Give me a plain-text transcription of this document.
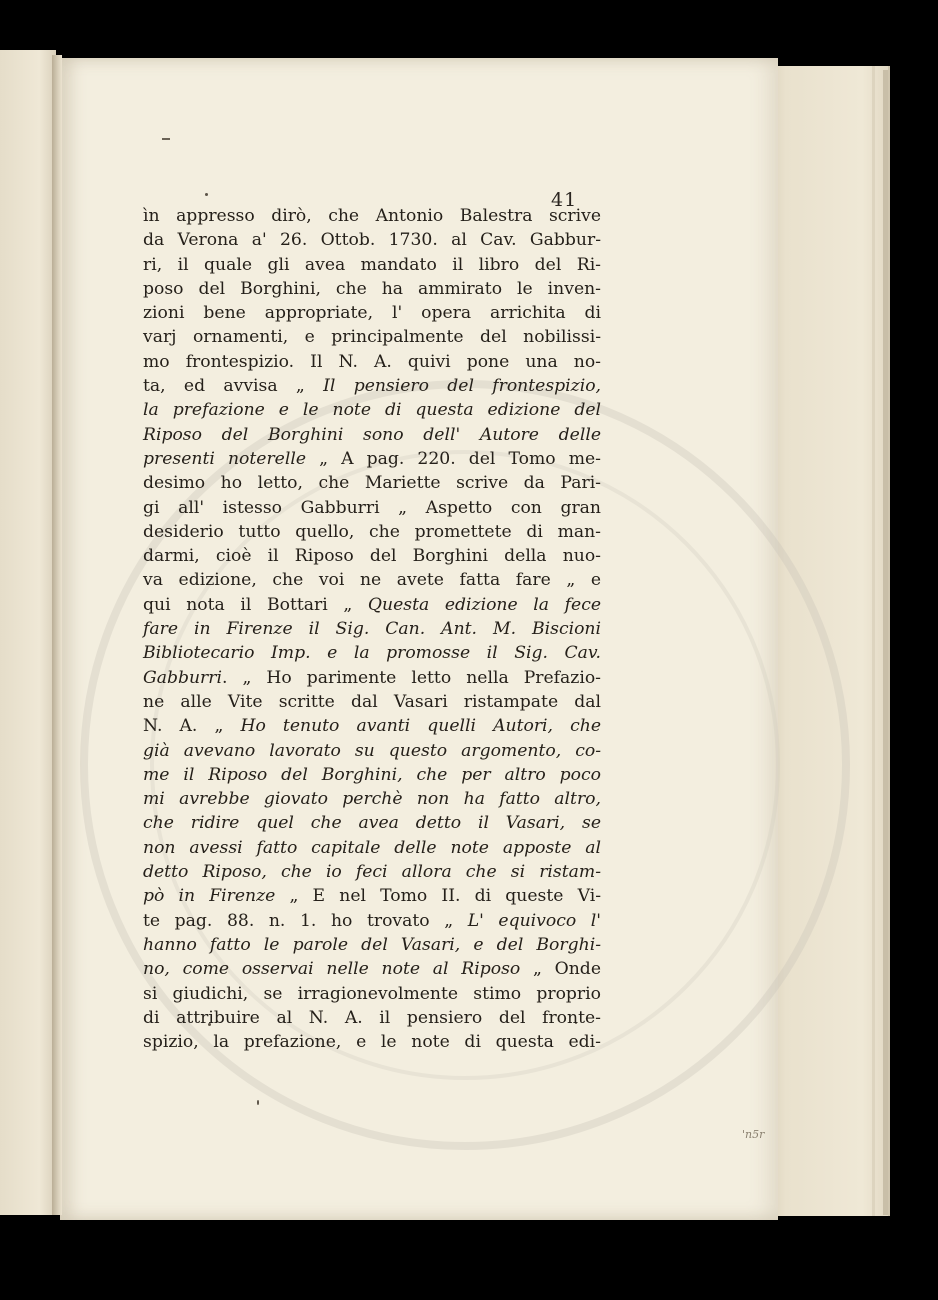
41
ìn appresso dirò, che Antonio Balestra scrive
da Verona a' 26. Ottob. 1730. al Cav. Gabbur-
ri, il quale gli avea mandato il libro del Ri-
poso del Borghini, che ha ammirato le inven-
zioni bene appropriate, l' opera arrichita di
varj ornamenti, e principalmente del nobilissi-
mo frontespizio. Il N. A. quivi pone una no-
ta, ed avvisa „ Il pensiero del frontespizio,
la prefazione e le note di questa edizione del
Riposo del Borghini sono dell' Autore delle
presenti noterelle „ A pag. 220. del Tomo me-
desimo ho letto, che Mariette scrive da Pari-
gi all' istesso Gabburri „ Aspetto con gran
desiderio tutto quello, che promettete di man-
darmi, cioè il Riposo del Borghini della nuo-
va edizione, che voi ne avete fatta fare „ e
qui nota il Bottari „ Questa edizione la fece
fare in Firenze il Sig. Can. Ant. M. Biscioni
Bibliotecario Imp. e la promosse il Sig. Cav.
Gabburri. „ Ho parimente letto nella Prefazio-
ne alle Vite scritte dal Vasari ristampate dal
N. A. „ Ho tenuto avanti quelli Autori, che
già avevano lavorato su questo argomento, co-
me il Riposo del Borghini, che per altro poco
mi avrebbe giovato perchè non ha fatto altro,
che ridire quel che avea detto il Vasari, se
non avessi fatto capitale delle note apposte al
detto Riposo, che io feci allora che si ristam-
pò in Firenze „ E nel Tomo II. di queste Vi-
te pag. 88. n. 1. ho trovato „ L' equivoco l'
hanno fatto le parole del Vasari, e del Borghi-
no, come osservai nelle note al Riposo „ Onde
si giudichi, se irragionevolmente stimo proprio
di attribuire al N. A. il pensiero del fronte-
spizio, la prefazione, e le note di questa edi-
'n5r
